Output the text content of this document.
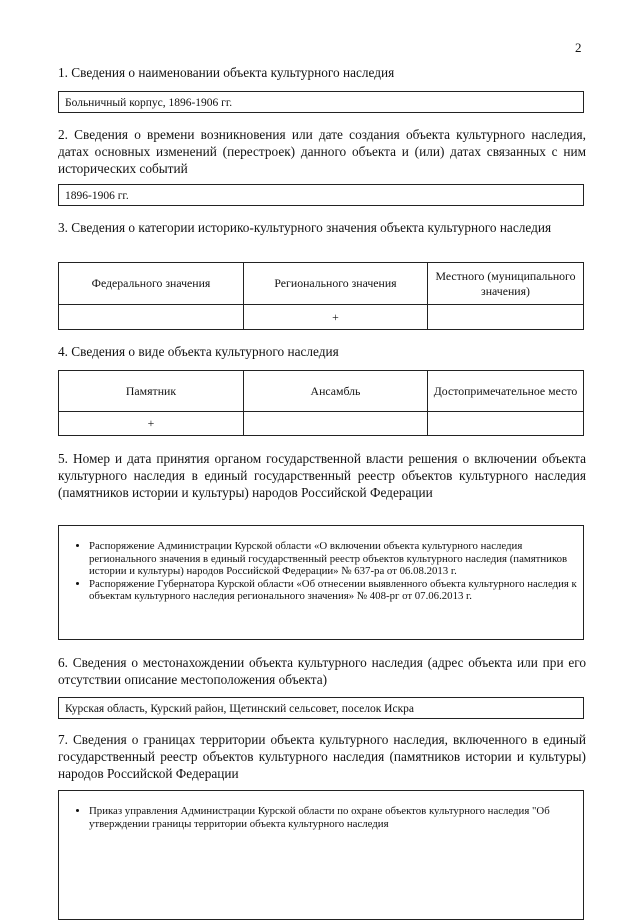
2
1. Сведения о наименовании объекта культурного наследия
Больничный корпус, 1896-1906 гг.
2. Сведения о времени возникновения или дате создания объекта культурного наследия, датах основных изменений (перестроек) данного объекта и (или) датах связанных с ним исторических событий
1896-1906 гг.
3. Сведения о категории историко-культурного значения объекта культурного наследия
Федерального значения	Регионального значения	Местного (муниципального значения)
	+	
4. Сведения о виде объекта культурного наследия
Памятник	Ансамбль	Достопримечательное место
+		
5. Номер и дата принятия органом государственной власти решения о включении объекта культурного наследия в единый государственный реестр объектов культурного наследия (памятников истории и культуры) народов Российской Федерации
• Распоряжение Администрации Курской области «О включении объекта культурного наследия регионального значения в единый государственный реестр объектов культурного наследия (памятников истории и культуры) народов Российской Федерации» № 637-ра от 06.08.2013 г.
• Распоряжение Губернатора Курской области «Об отнесении выявленного объекта культурного наследия к объектам культурного наследия регионального значения» № 408-рг от 07.06.2013 г.
6. Сведения о местонахождении объекта культурного наследия (адрес объекта или при его отсутствии описание местоположения объекта)
Курская область, Курский район, Щетинский сельсовет, поселок Искра
7. Сведения о границах территории объекта культурного наследия, включенного в единый государственный реестр объектов культурного наследия (памятников истории и культуры) народов Российской Федерации
• Приказ управления Администрации Курской области по охране объектов культурного наследия "Об утверждении границы территории объекта культурного наследия
